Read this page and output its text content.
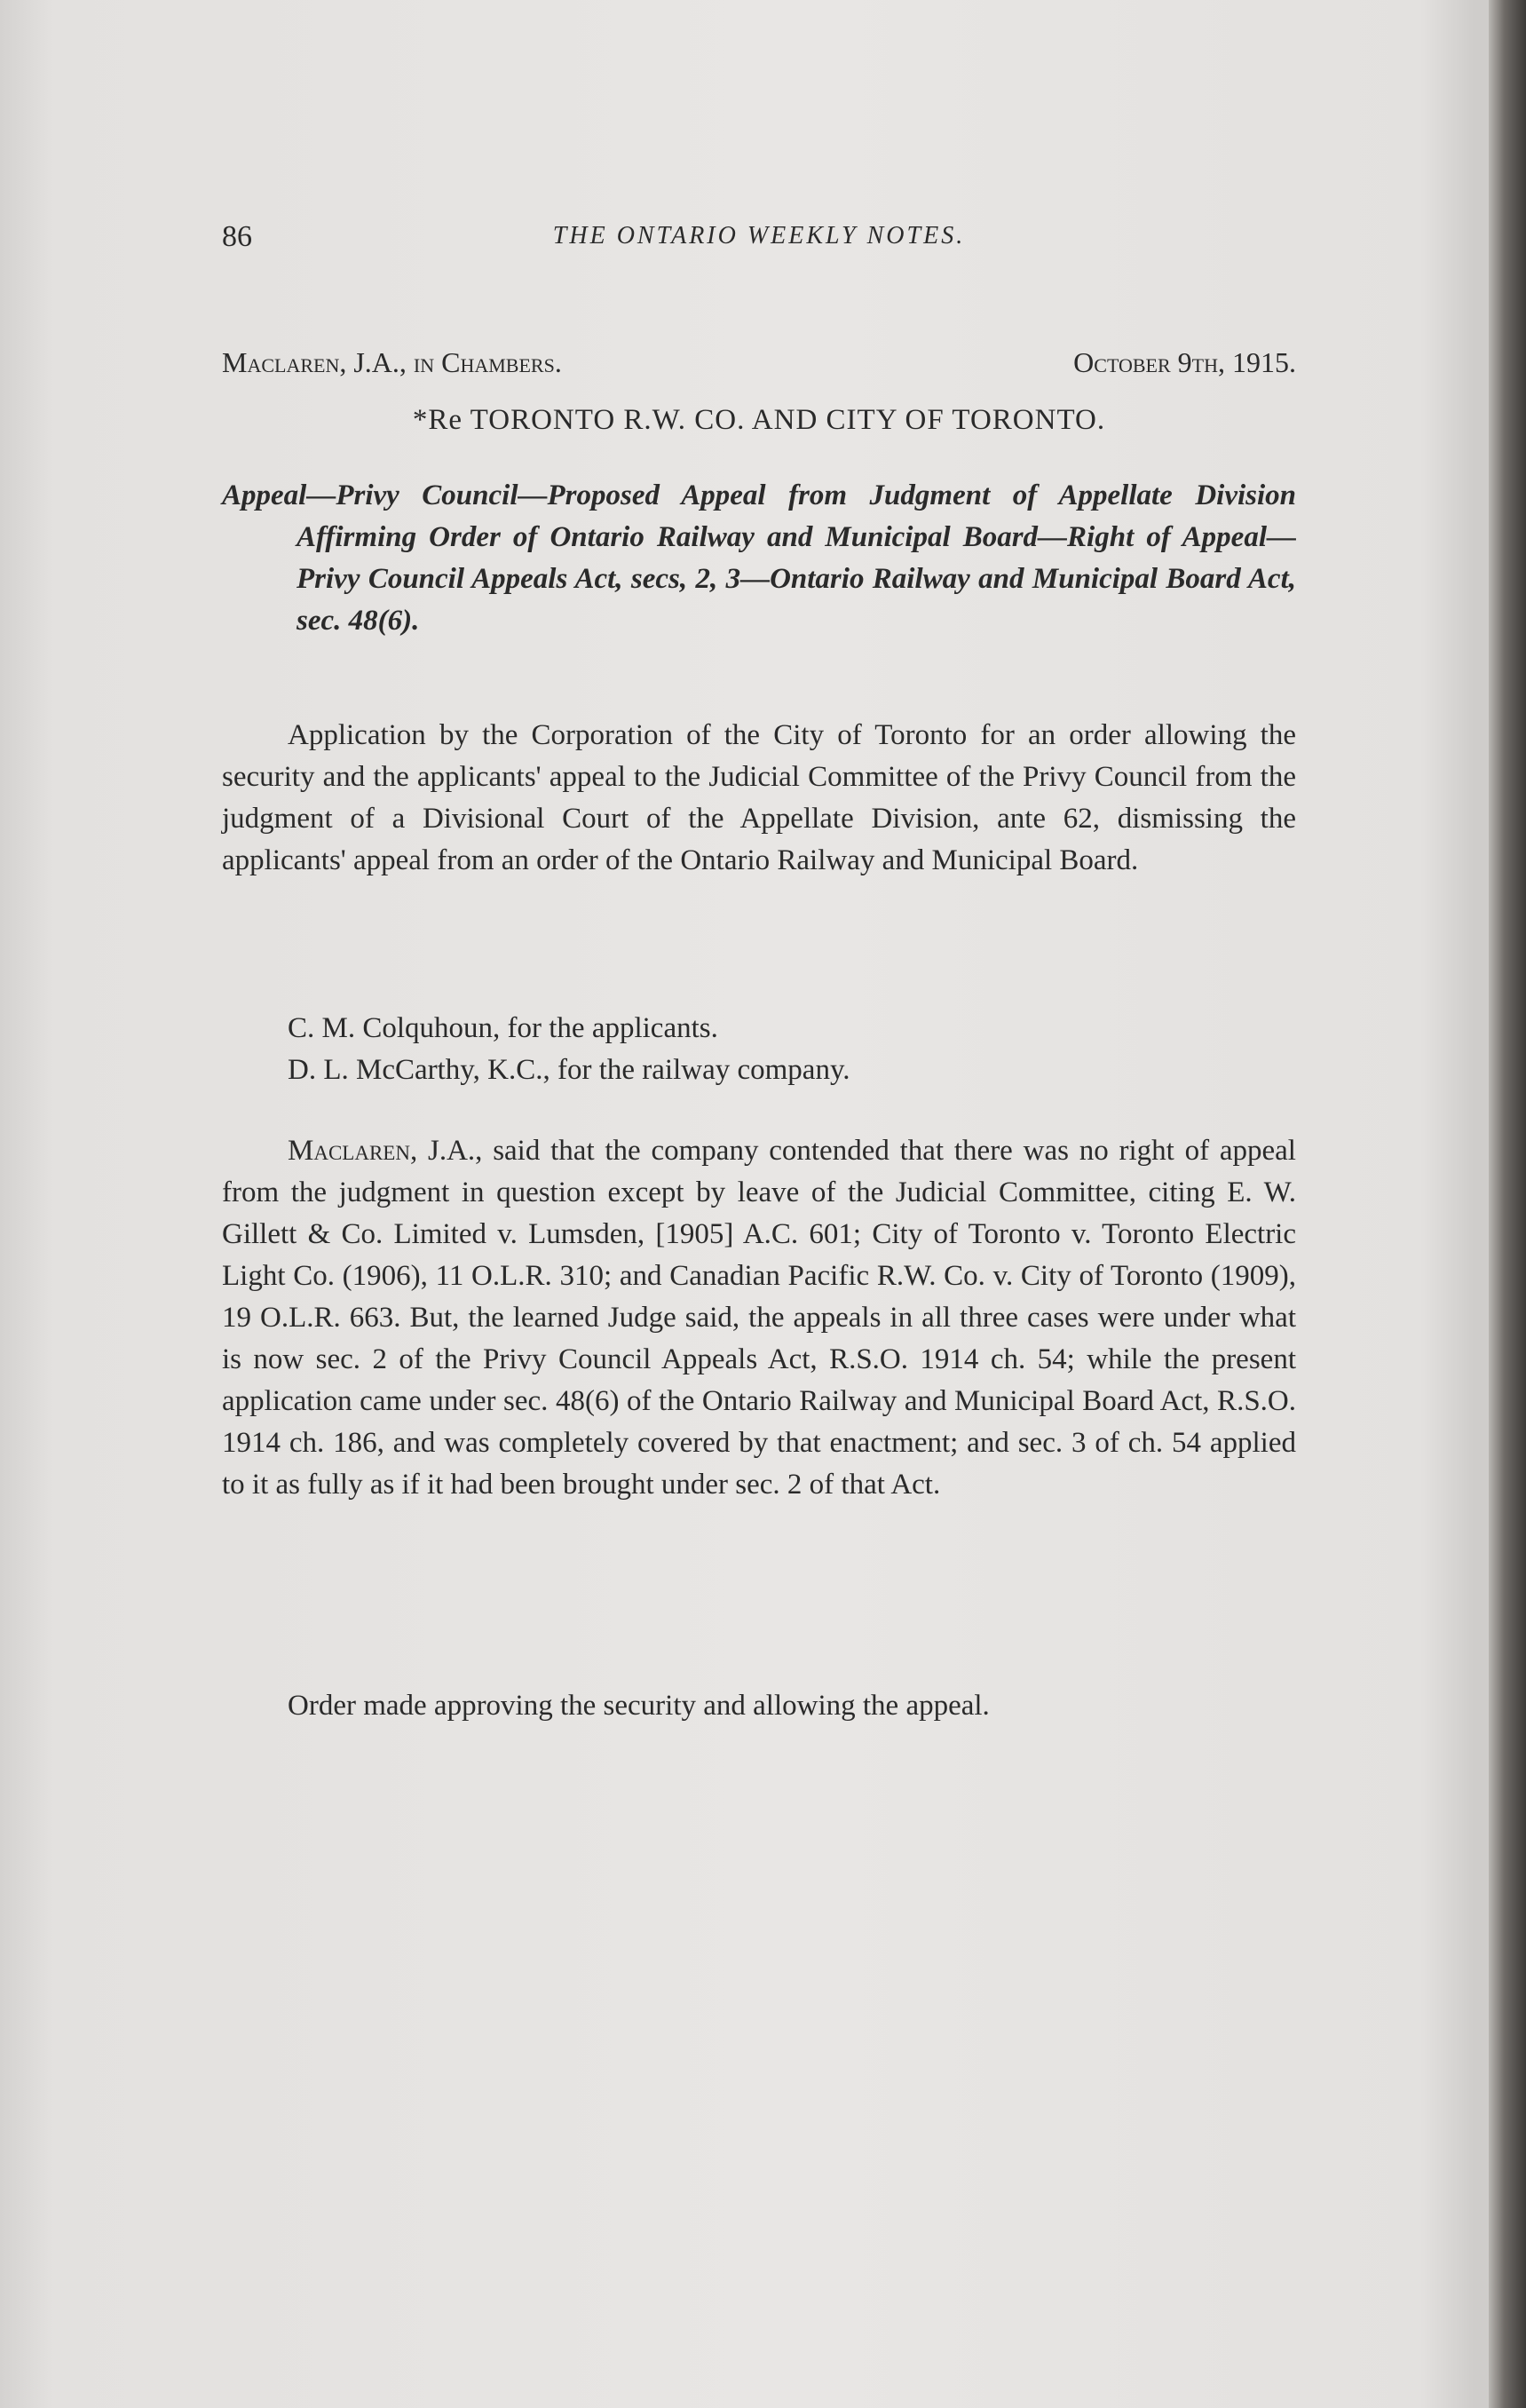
86	THE ONTARIO WEEKLY NOTES.
Maclaren, J.A., in Chambers.	October 9th, 1915.
*Re TORONTO R.W. CO. AND CITY OF TORONTO.
Appeal—Privy Council—Proposed Appeal from Judgment of Appellate Division Affirming Order of Ontario Railway and Municipal Board—Right of Appeal—Privy Council Appeals Act, secs, 2, 3—Ontario Railway and Municipal Board Act, sec. 48(6).

Application by the Corporation of the City of Toronto for an order allowing the security and the applicants' appeal to the Judicial Committee of the Privy Council from the judgment of a Divisional Court of the Appellate Division, ante 62, dismissing the applicants' appeal from an order of the Ontario Railway and Municipal Board.

C. M. Colquhoun, for the applicants.

D. L. McCarthy, K.C., for the railway company.

Maclaren, J.A., said that the company contended that there was no right of appeal from the judgment in question except by leave of the Judicial Committee, citing E. W. Gillett & Co. Limited v. Lumsden, [1905] A.C. 601; City of Toronto v. Toronto Electric Light Co. (1906), 11 O.L.R. 310; and Canadian Pacific R.W. Co. v. City of Toronto (1909), 19 O.L.R. 663. But, the learned Judge said, the appeals in all three cases were under what is now sec. 2 of the Privy Council Appeals Act, R.S.O. 1914 ch. 54; while the present application came under sec. 48(6) of the Ontario Railway and Municipal Board Act, R.S.O. 1914 ch. 186, and was completely covered by that enactment; and sec. 3 of ch. 54 applied to it as fully as if it had been brought under sec. 2 of that Act.

Order made approving the security and allowing the appeal.
